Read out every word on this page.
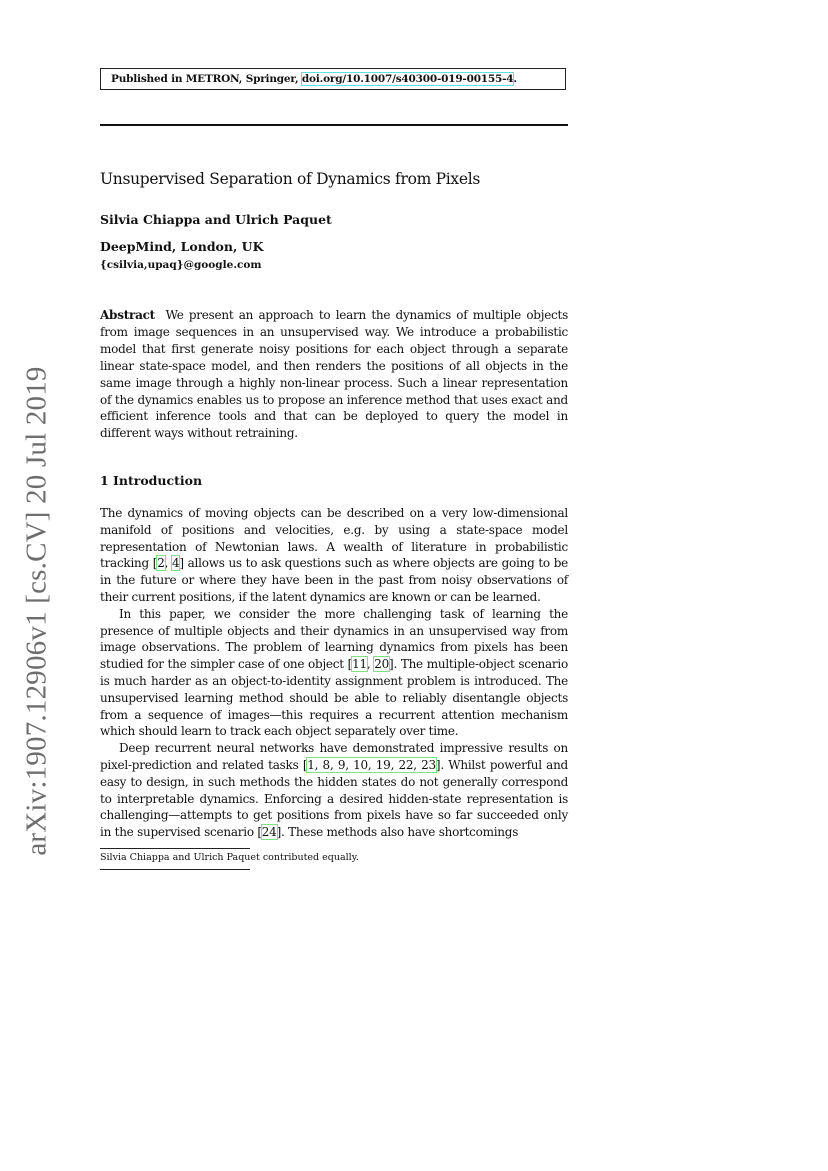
Published in METRON, Springer, doi.org/10.1007/s40300-019-00155-4.
Unsupervised Separation of Dynamics from Pixels
Silvia Chiappa and Ulrich Paquet
DeepMind, London, UK
{csilvia,upaq}@google.com
Abstract We present an approach to learn the dynamics of multiple objects from image sequences in an unsupervised way. We introduce a probabilistic model that first generate noisy positions for each object through a separate linear state-space model, and then renders the positions of all objects in the same image through a highly non-linear process. Such a linear representation of the dynamics enables us to propose an inference method that uses exact and efficient inference tools and that can be deployed to query the model in different ways without retraining.
1 Introduction

The dynamics of moving objects can be described on a very low-dimensional manifold of positions and velocities, e.g. by using a state-space model representation of Newtonian laws. A wealth of literature in probabilistic tracking [2, 4] allows us to ask questions such as where objects are going to be in the future or where they have been in the past from noisy observations of their current positions, if the latent dynamics are known or can be learned.

In this paper, we consider the more challenging task of learning the presence of multiple objects and their dynamics in an unsupervised way from image observations. The problem of learning dynamics from pixels has been studied for the simpler case of one object [11, 20]. The multiple-object scenario is much harder as an object-to-identity assignment problem is introduced. The unsupervised learning method should be able to reliably disentangle objects from a sequence of images—this requires a recurrent attention mechanism which should learn to track each object separately over time.

Deep recurrent neural networks have demonstrated impressive results on pixel-prediction and related tasks [1, 8, 9, 10, 19, 22, 23]. Whilst powerful and easy to design, in such methods the hidden states do not generally correspond to interpretable dynamics. Enforcing a desired hidden-state representation is challenging—attempts to get positions from pixels have so far succeeded only in the supervised scenario [24]. These methods also have shortcomings

Silvia Chiappa and Ulrich Paquet contributed equally.
arXiv:1907.12906v1 [cs.CV] 20 Jul 2019
